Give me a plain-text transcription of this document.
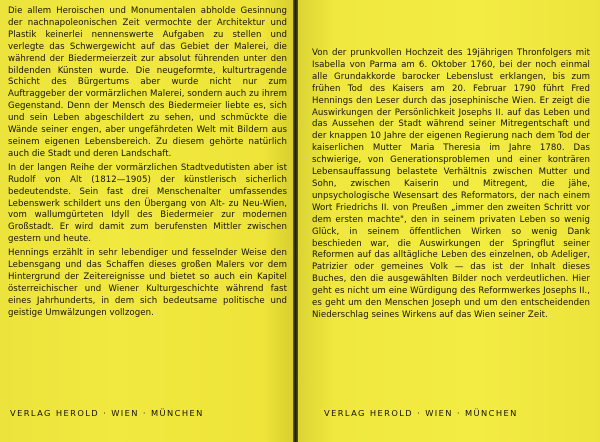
Die allem Heroischen und Monumentalen abholde Gesinnung der nachnapoleonischen Zeit vermochte der Architektur und Plastik keinerlei nennenswerte Aufgaben zu stellen und verlegte das Schwergewicht auf das Gebiet der Malerei, die während der Biedermeierzeit zur absolut führenden unter den bildenden Künsten wurde. Die neugeformte, kulturtragende Schicht des Bürgertums aber wurde nicht nur zum Auftraggeber der vormärzlichen Malerei, sondern auch zu ihrem Gegenstand. Denn der Mensch des Biedermeier liebte es, sich und sein Leben abgeschildert zu sehen, und schmückte die Wände seiner engen, aber ungefährdeten Welt mit Bildern aus seinem eigenen Lebensbereich. Zu diesem gehörte natürlich auch die Stadt und deren Landschaft.

In der langen Reihe der vormärzlichen Stadtvedutisten aber ist Rudolf von Alt (1812—1905) der künstlerisch sicherlich bedeutendste. Sein fast drei Menschenalter umfassendes Lebenswerk schildert uns den Übergang von Alt- zu Neu-Wien, vom wallumgürteten Idyll des Biedermeier zur modernen Großstadt. Er wird damit zum berufensten Mittler zwischen gestern und heute.

Hennings erzählt in sehr lebendiger und fesselnder Weise den Lebensgang und das Schaffen dieses großen Malers vor dem Hintergrund der Zeitereignisse und bietet so auch ein Kapitel österreichischer und Wiener Kulturgeschichte während fast eines Jahrhunderts, in dem sich bedeutsame politische und geistige Umwälzungen vollzogen.

VERLAG HEROLD · WIEN · MÜNCHEN

Von der prunkvollen Hochzeit des 19jährigen Thronfolgers mit Isabella von Parma am 6. Oktober 1760, bei der noch einmal alle Grundakkorde barocker Lebenslust erklangen, bis zum frühen Tod des Kaisers am 20. Februar 1790 führt Fred Hennings den Leser durch das josephinische Wien. Er zeigt die Auswirkungen der Persönlichkeit Josephs II. auf das Leben und das Aussehen der Stadt während seiner Mitregentschaft und der knappen 10 Jahre der eigenen Regierung nach dem Tod der kaiserlichen Mutter Maria Theresia im Jahre 1780. Das schwierige, von Generationsproblemen und einer konträren Lebensauffassung belastete Verhältnis zwischen Mutter und Sohn, zwischen Kaiserin und Mitregent, die jähe, unpsychologische Wesensart des Reformators, der nach einem Wort Friedrichs II. von Preußen „immer den zweiten Schritt vor dem ersten machte", den in seinem privaten Leben so wenig Glück, in seinem öffentlichen Wirken so wenig Dank beschieden war, die Auswirkungen der Springflut seiner Reformen auf das alltägliche Leben des einzelnen, ob Adeliger, Patrizier oder gemeines Volk — das ist der Inhalt dieses Buches, den die ausgewählten Bilder noch verdeutlichen. Hier geht es nicht um eine Würdigung des Reformwerkes Josephs II., es geht um den Menschen Joseph und um den entscheidenden Niederschlag seines Wirkens auf das Wien seiner Zeit.

VERLAG HEROLD · WIEN · MÜNCHEN
